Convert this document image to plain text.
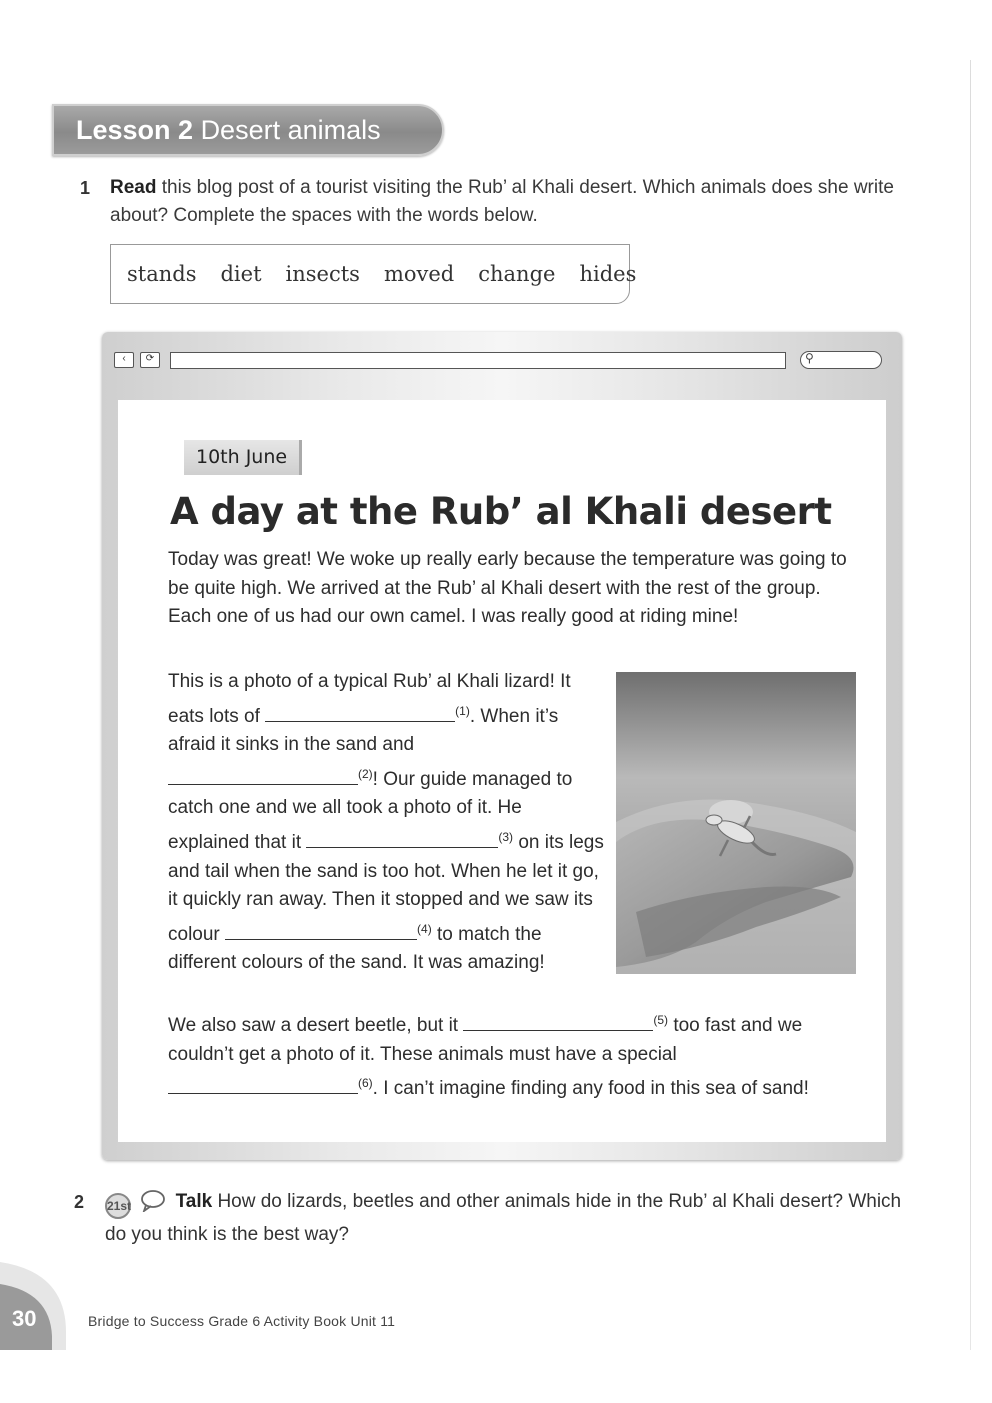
Lesson 2 Desert animals
1 Read this blog post of a tourist visiting the Rub’ al Khali desert. Which animals does she write about? Complete the spaces with the words below.
stands diet insects moved change hides
‹	⟳	⚲
10th June
A day at the Rub’ al Khali desert
Today was great! We woke up really early because the temperature was going to be quite high. We arrived at the Rub’ al Khali desert with the rest of the group. Each one of us had our own camel. I was really good at riding mine!
This is a photo of a typical Rub’ al Khali lizard! It eats lots of	$^{(1)}$. When it’s afraid it sinks in the sand and $^{(2)}$! Our guide managed to catch one and we all took a photo of it. He explained that it	$^{(3)}$ on its legs and tail when the sand is too hot. When he let it go, it quickly ran away. Then it stopped and we saw its colour	$^{(4)}$ to match the different colours of the sand. It was amazing!
We also saw a desert beetle, but it	$^{(5)}$ too fast and we couldn’t get a photo of it. These animals must have a special $^{(6)}$. I can’t imagine finding any food in this sea of sand!
2 21st Talk How do lizards, beetles and other animals hide in the Rub’ al Khali desert? Which do you think is the best way?
30	Bridge to Success Grade 6 Activity Book Unit 11
